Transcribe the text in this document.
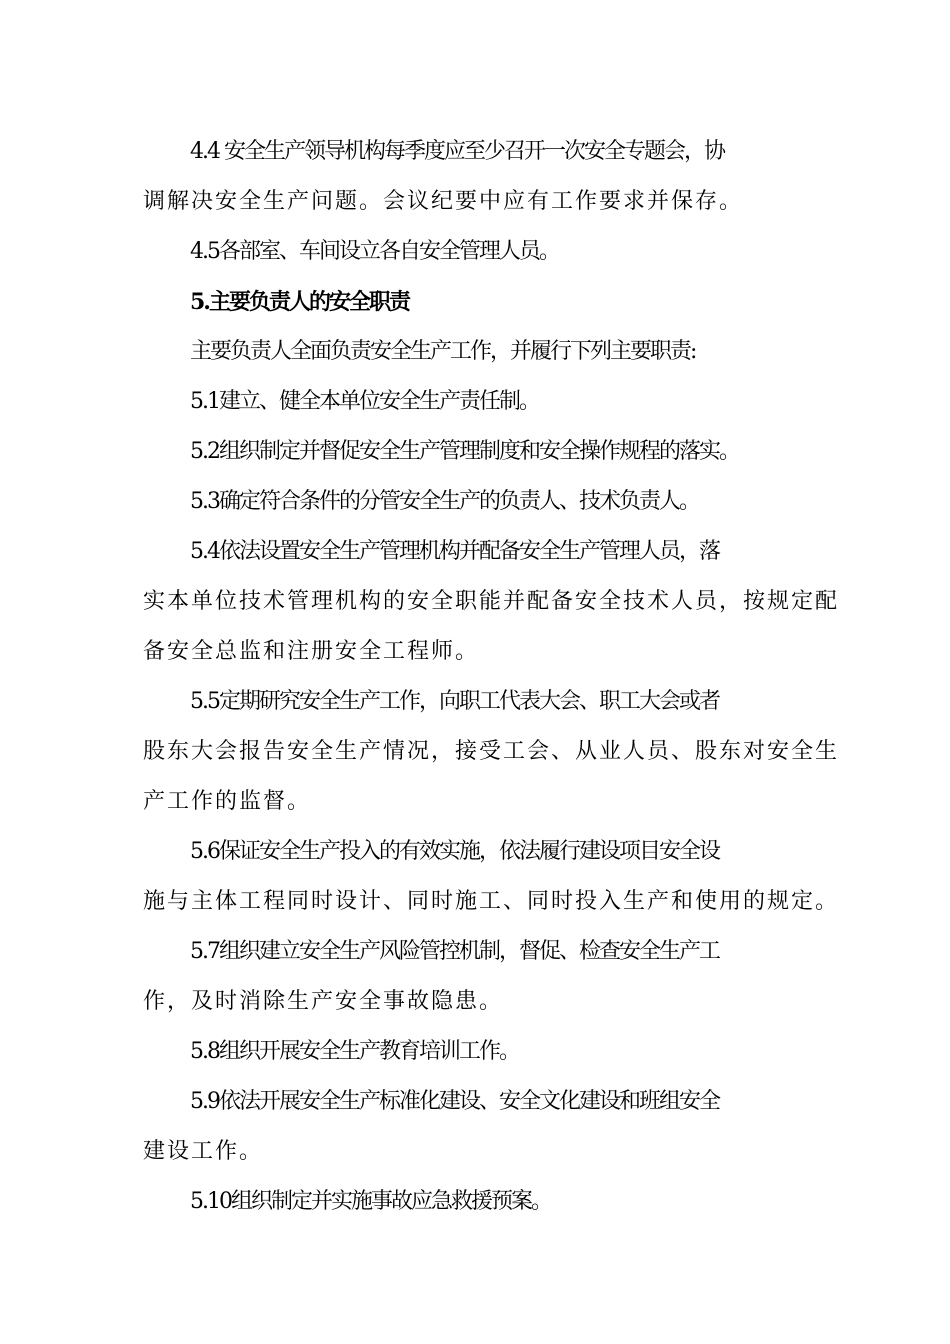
4.4 安全生产领导机构每季度应至少召开一次安全专题会，协
调解决安全生产问题。会议纪要中应有工作要求并保存。
4.5各部室、车间设立各自安全管理人员。
5.主要负责人的安全职责
主要负责人全面负责安全生产工作，并履行下列主要职责:
5.1建立、健全本单位安全生产责任制。
5.2组织制定并督促安全生产管理制度和安全操作规程的落实。
5.3确定符合条件的分管安全生产的负责人、技术负责人。
5.4依法设置安全生产管理机构并配备安全生产管理人员，落
实本单位技术管理机构的安全职能并配备安全技术人员，按规定配
备安全总监和注册安全工程师。
5.5定期研究安全生产工作，向职工代表大会、职工大会或者
股东大会报告安全生产情况，接受工会、从业人员、股东对安全生
产工作的监督。
5.6保证安全生产投入的有效实施，依法履行建设项目安全设
施与主体工程同时设计、同时施工、同时投入生产和使用的规定。
5.7组织建立安全生产风险管控机制，督促、检查安全生产工
作，及时消除生产安全事故隐患。
5.8组织开展安全生产教育培训工作。
5.9依法开展安全生产标准化建设、安全文化建设和班组安全
建设工作。
5.10组织制定并实施事故应急救援预案。
